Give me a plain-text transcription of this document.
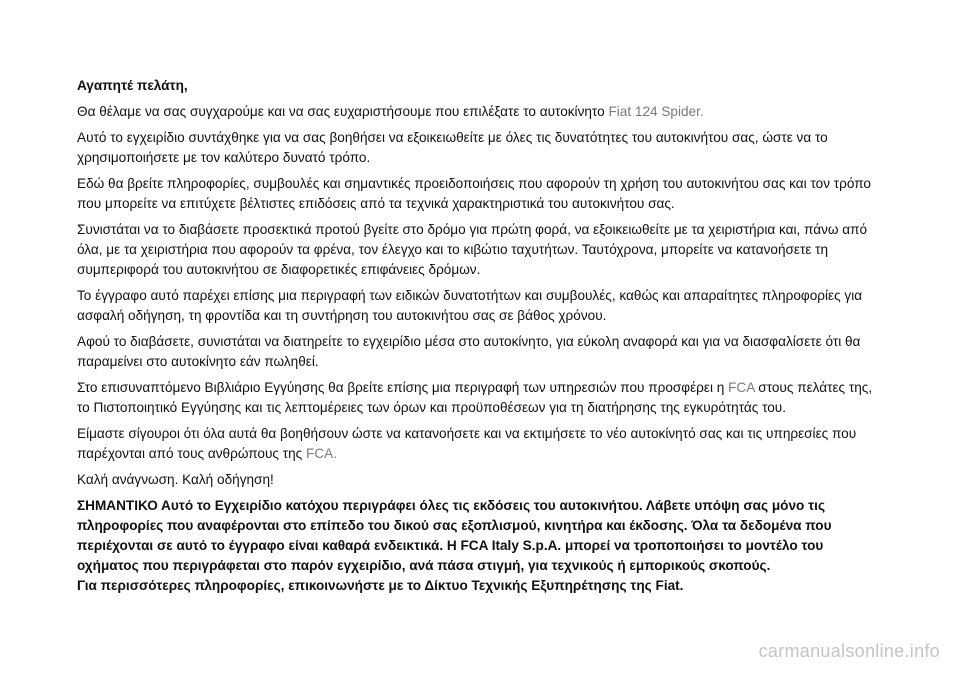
Αγαπητέ πελάτη,

Θα θέλαμε να σας συγχαρούμε και να σας ευχαριστήσουμε που επιλέξατε το αυτοκίνητο Fiat 124 Spider.

Αυτό το εγχειρίδιο συντάχθηκε για να σας βοηθήσει να εξοικειωθείτε με όλες τις δυνατότητες του αυτοκινήτου σας, ώστε να το χρησιμοποιήσετε με τον καλύτερο δυνατό τρόπο.

Εδώ θα βρείτε πληροφορίες, συμβουλές και σημαντικές προειδοποιήσεις που αφορούν τη χρήση του αυτοκινήτου σας και τον τρόπο που μπορείτε να επιτύχετε βέλτιστες επιδόσεις από τα τεχνικά χαρακτηριστικά του αυτοκινήτου σας.

Συνιστάται να το διαβάσετε προσεκτικά προτού βγείτε στο δρόμο για πρώτη φορά, να εξοικειωθείτε με τα χειριστήρια και, πάνω από όλα, με τα χειριστήρια που αφορούν τα φρένα, τον έλεγχο και το κιβώτιο ταχυτήτων. Ταυτόχρονα, μπορείτε να κατανοήσετε τη συμπεριφορά του αυτοκινήτου σε διαφορετικές επιφάνειες δρόμων.

Το έγγραφο αυτό παρέχει επίσης μια περιγραφή των ειδικών δυνατοτήτων και συμβουλές, καθώς και απαραίτητες πληροφορίες για ασφαλή οδήγηση, τη φροντίδα και τη συντήρηση του αυτοκινήτου σας σε βάθος χρόνου.

Αφού το διαβάσετε, συνιστάται να διατηρείτε το εγχειρίδιο μέσα στο αυτοκίνητο, για εύκολη αναφορά και για να διασφαλίσετε ότι θα παραμείνει στο αυτοκίνητο εάν πωληθεί.

Στο επισυναπτόμενο Βιβλιάριο Εγγύησης θα βρείτε επίσης μια περιγραφή των υπηρεσιών που προσφέρει η FCA στους πελάτες της, το Πιστοποιητικό Εγγύησης και τις λεπτομέρειες των όρων και προϋποθέσεων για τη διατήρησης της εγκυρότητάς του.

Είμαστε σίγουροι ότι όλα αυτά θα βοηθήσουν ώστε να κατανοήσετε και να εκτιμήσετε το νέο αυτοκίνητό σας και τις υπηρεσίες που παρέχονται από τους ανθρώπους της FCA.

Καλή ανάγνωση. Καλή οδήγηση!

ΣΗΜΑΝΤΙΚΟ Αυτό το Εγχειρίδιο κατόχου περιγράφει όλες τις εκδόσεις του αυτοκινήτου. Λάβετε υπόψη σας μόνο τις πληροφορίες που αναφέρονται στο επίπεδο του δικού σας εξοπλισμού, κινητήρα και έκδοσης. Όλα τα δεδομένα που περιέχονται σε αυτό το έγγραφο είναι καθαρά ενδεικτικά. Η FCA Italy S.p.A. μπορεί να τροποποιήσει το μοντέλο του οχήματος που περιγράφεται στο παρόν εγχειρίδιο, ανά πάσα στιγμή, για τεχνικούς ή εμπορικούς σκοπούς.
Για περισσότερες πληροφορίες, επικοινωνήστε με το Δίκτυο Τεχνικής Εξυπηρέτησης της Fiat.

carmanualsonline.info
